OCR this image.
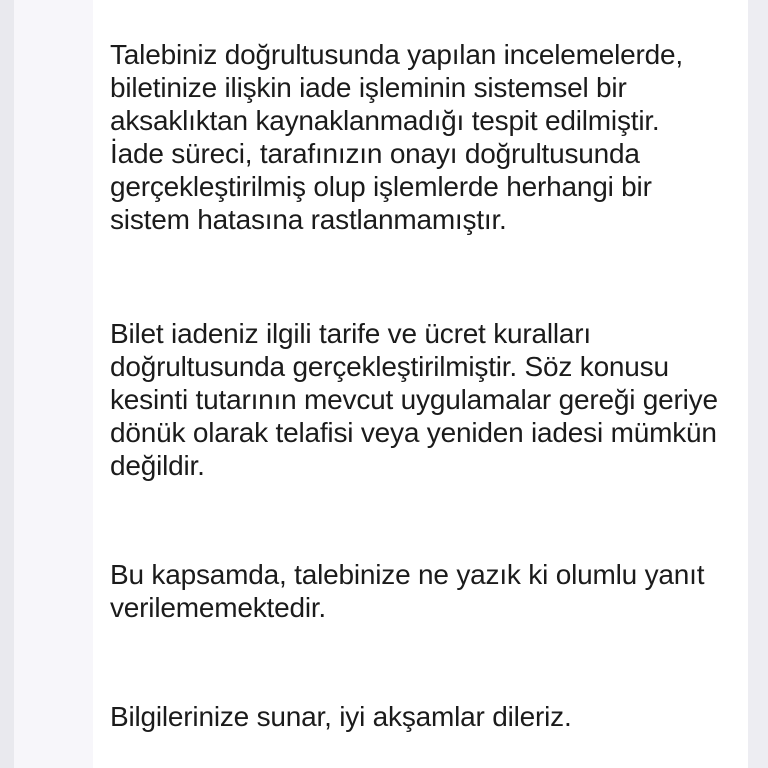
Talebiniz doğrultusunda yapılan incelemelerde,
biletinize ilişkin iade işleminin sistemsel bir
aksaklıktan kaynaklanmadığı tespit edilmiştir.
İade süreci, tarafınızın onayı doğrultusunda
gerçekleştirilmiş olup işlemlerde herhangi bir
sistem hatasına rastlanmamıştır.
Bilet iadeniz ilgili tarife ve ücret kuralları
doğrultusunda gerçekleştirilmiştir. Söz konusu
kesinti tutarının mevcut uygulamalar gereği geriye
dönük olarak telafisi veya yeniden iadesi mümkün
değildir.
Bu kapsamda, talebinize ne yazık ki olumlu yanıt
verilememektedir.
Bilgilerinize sunar, iyi akşamlar dileriz.
